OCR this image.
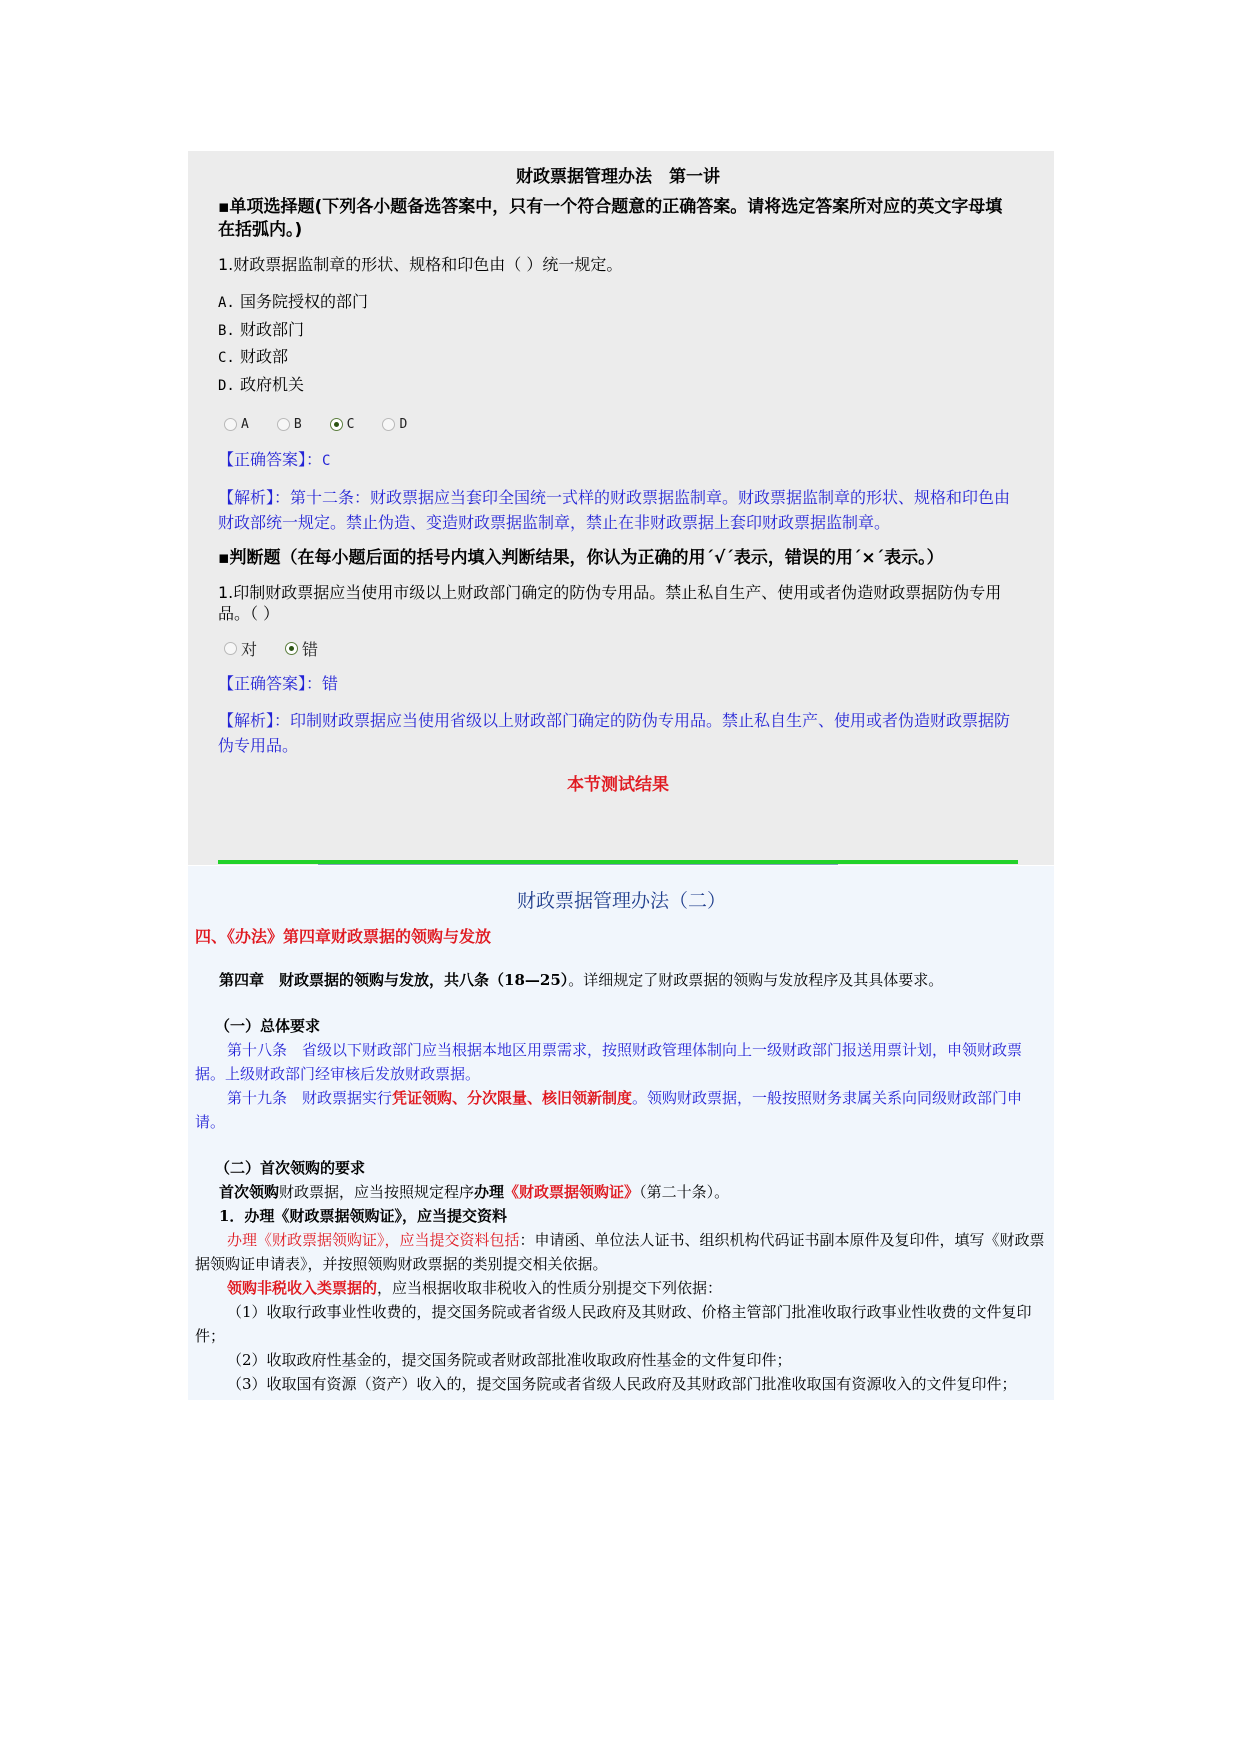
财政票据管理办法　第一讲
▪单项选择题(下列各小题备选答案中，只有一个符合题意的正确答案。请将选定答案所对应的英文字母填在括弧内。)
1.财政票据监制章的形状、规格和印色由（ ）统一规定。
A. 国务院授权的部门
B. 财政部门
C. 财政部
D. 政府机关
A	B	C	D
【正确答案】：C
【解析】：第十二条：财政票据应当套印全国统一式样的财政票据监制章。财政票据监制章的形状、规格和印色由财政部统一规定。禁止伪造、变造财政票据监制章，禁止在非财政票据上套印财政票据监制章。
▪判断题（在每小题后面的括号内填入判断结果，你认为正确的用ˊ√ˊ表示，错误的用ˊ×ˊ表示。）
1.印制财政票据应当使用市级以上财政部门确定的防伪专用品。禁止私自生产、使用或者伪造财政票据防伪专用品。（ ）
对	错
【正确答案】：错
【解析】：印制财政票据应当使用省级以上财政部门确定的防伪专用品。禁止私自生产、使用或者伪造财政票据防伪专用品。
本节测试结果
财政票据管理办法（二）
四、《办法》第四章财政票据的领购与发放
第四章　财政票据的领购与发放，共八条（18—25）。详细规定了财政票据的领购与发放程序及其具体要求。
（一）总体要求
第十八条　省级以下财政部门应当根据本地区用票需求，按照财政管理体制向上一级财政部门报送用票计划，申领财政票据。上级财政部门经审核后发放财政票据。
第十九条　财政票据实行凭证领购、分次限量、核旧领新制度。领购财政票据，一般按照财务隶属关系向同级财政部门申请。
（二）首次领购的要求
首次领购财政票据，应当按照规定程序办理《财政票据领购证》（第二十条）。
1．办理《财政票据领购证》，应当提交资料
办理《财政票据领购证》，应当提交资料包括：申请函、单位法人证书、组织机构代码证书副本原件及复印件，填写《财政票据领购证申请表》，并按照领购财政票据的类别提交相关依据。
领购非税收入类票据的，应当根据收取非税收入的性质分别提交下列依据：
（1）收取行政事业性收费的，提交国务院或者省级人民政府及其财政、价格主管部门批准收取行政事业性收费的文件复印件；
（2）收取政府性基金的，提交国务院或者财政部批准收取政府性基金的文件复印件；
（3）收取国有资源（资产）收入的，提交国务院或者省级人民政府及其财政部门批准收取国有资源收入的文件复印件；
